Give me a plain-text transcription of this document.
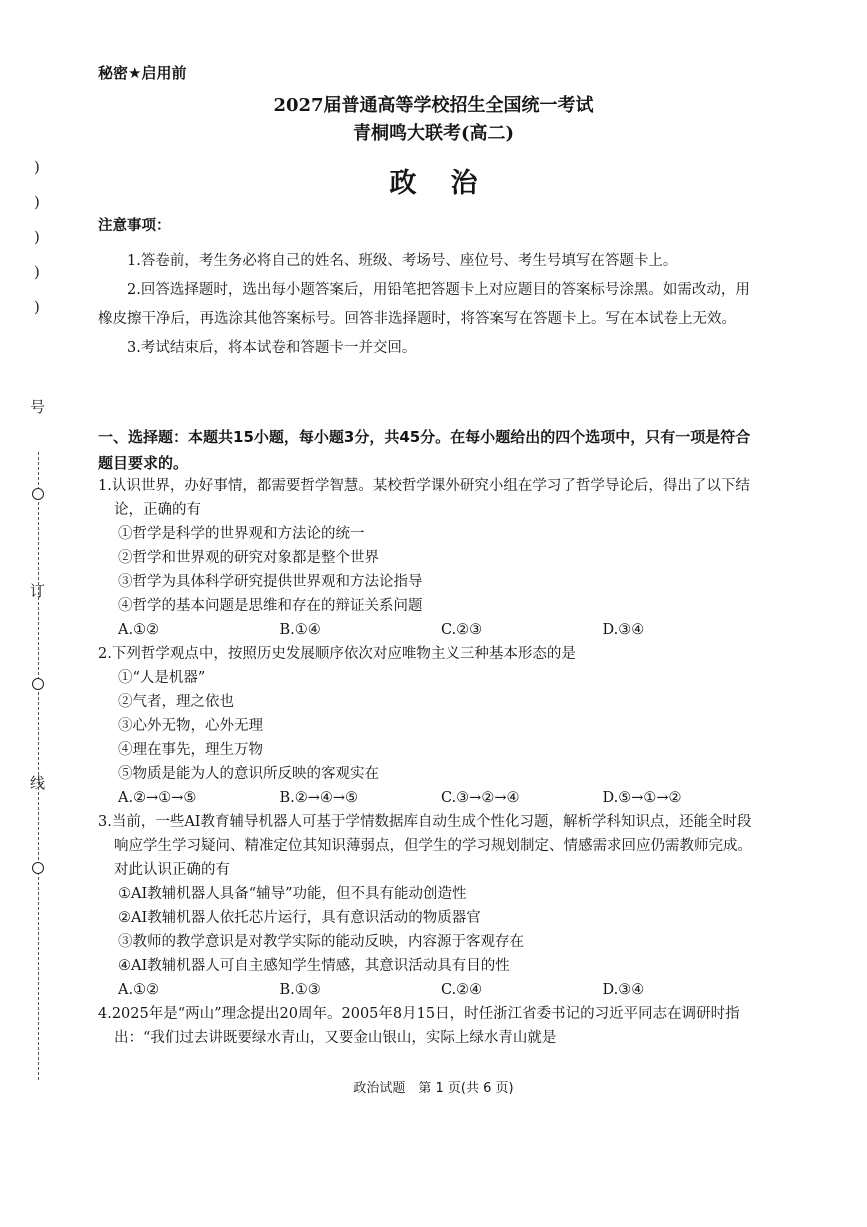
)
)
)
)
)
号
订
线
秘密★启用前
2027届普通高等学校招生全国统一考试
青桐鸣大联考(高二)
政治
注意事项：
1.答卷前，考生务必将自己的姓名、班级、考场号、座位号、考生号填写在答题卡上。
2.回答选择题时，选出每小题答案后，用铅笔把答题卡上对应题目的答案标号涂黑。如需改动，用橡皮擦干净后，再选涂其他答案标号。回答非选择题时，将答案写在答题卡上。写在本试卷上无效。
3.考试结束后，将本试卷和答题卡一并交回。
一、选择题：本题共15小题，每小题3分，共45分。在每小题给出的四个选项中，只有一项是符合题目要求的。
1.认识世界，办好事情，都需要哲学智慧。某校哲学课外研究小组在学习了哲学导论后，得出了以下结论，正确的有
①哲学是科学的世界观和方法论的统一
②哲学和世界观的研究对象都是整个世界
③哲学为具体科学研究提供世界观和方法论指导
④哲学的基本问题是思维和存在的辩证关系问题
A.①②	B.①④	C.②③	D.③④
2.下列哲学观点中，按照历史发展顺序依次对应唯物主义三种基本形态的是
①“人是机器”
②气者，理之依也
③心外无物，心外无理
④理在事先，理生万物
⑤物质是能为人的意识所反映的客观实在
A.②→①→⑤	B.②→④→⑤	C.③→②→④	D.⑤→①→②
3.当前，一些AI教育辅导机器人可基于学情数据库自动生成个性化习题，解析学科知识点，还能全时段响应学生学习疑问、精准定位其知识薄弱点，但学生的学习规划制定、情感需求回应仍需教师完成。对此认识正确的有
①AI教辅机器人具备“辅导”功能，但不具有能动创造性
②AI教辅机器人依托芯片运行，具有意识活动的物质器官
③教师的教学意识是对教学实际的能动反映，内容源于客观存在
④AI教辅机器人可自主感知学生情感，其意识活动具有目的性
A.①②	B.①③	C.②④	D.③④
4.2025年是“两山”理念提出20周年。2005年8月15日，时任浙江省委书记的习近平同志在调研时指出：“我们过去讲既要绿水青山，又要金山银山，实际上绿水青山就是
政治试题　第 1 页(共 6 页)
